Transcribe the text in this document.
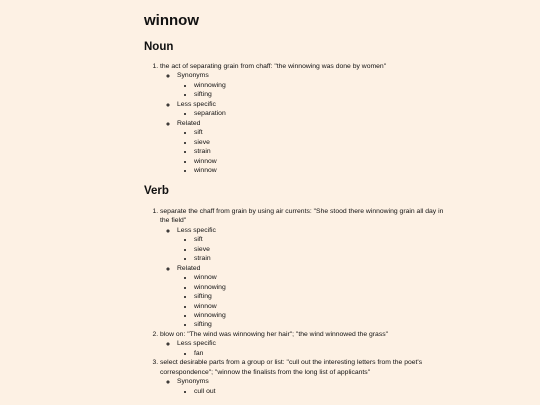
winnow
Noun
1. the act of separating grain from chaff: "the winnowing was done by women"
◦ Synonyms
• winnowing
• sifting
◦ Less specific
• separation
◦ Related
• sift
• sieve
• strain
• winnow
• winnow
Verb
1. separate the chaff from grain by using air currents: "She stood there winnowing grain all day in the field"
◦ Less specific
• sift
• sieve
• strain
◦ Related
• winnow
• winnowing
• sifting
• winnow
• winnowing
• sifting
2. blow on: "The wind was winnowing her hair"; "the wind winnowed the grass"
◦ Less specific
• fan
3. select desirable parts from a group or list: "cull out the interesting letters from the poet's correspondence"; "winnow the finalists from the long list of applicants"
◦ Synonyms
• cull out
